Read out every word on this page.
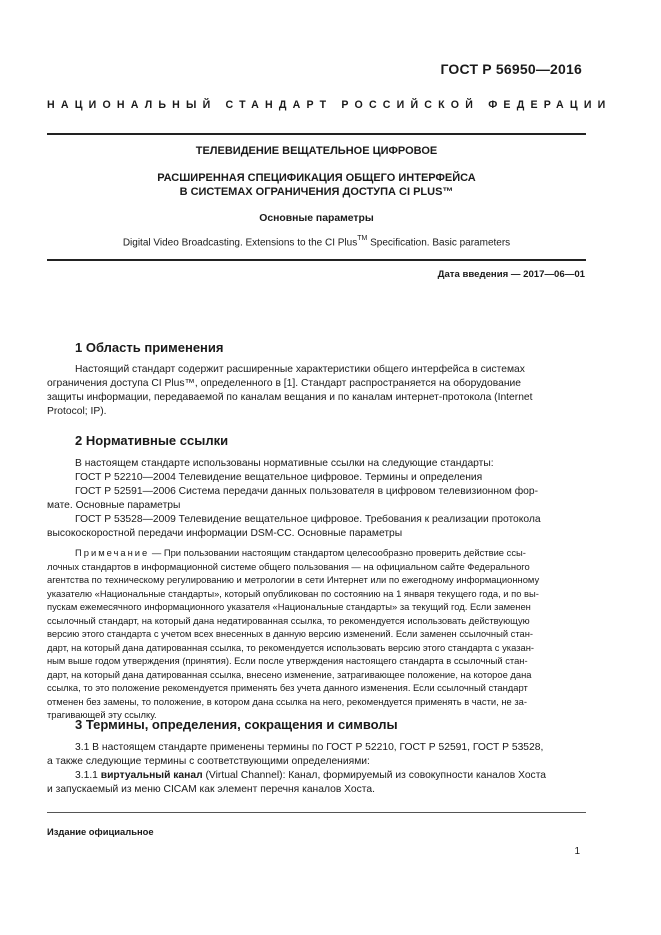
ГОСТ Р 56950—2016
НАЦИОНАЛЬНЫЙ СТАНДАРТ РОССИЙСКОЙ ФЕДЕРАЦИИ
ТЕЛЕВИДЕНИЕ ВЕЩАТЕЛЬНОЕ ЦИФРОВОЕ
РАСШИРЕННАЯ СПЕЦИФИКАЦИЯ ОБЩЕГО ИНТЕРФЕЙСА
В СИСТЕМАХ ОГРАНИЧЕНИЯ ДОСТУПА CI PLUS™
Основные параметры
Digital Video Broadcasting. Extensions to the CI Plus™ Specification. Basic parameters
Дата введения — 2017—06—01
1 Область применения
Настоящий стандарт содержит расширенные характеристики общего интерфейса в системах
ограничения доступа CI Plus™, определенного в [1]. Стандарт распространяется на оборудование
защиты информации, передаваемой по каналам вещания и по каналам интернет-протокола (Internet
Protocol; IP).
2 Нормативные ссылки
В настоящем стандарте использованы нормативные ссылки на следующие стандарты:
ГОСТ Р 52210—2004 Телевидение вещательное цифровое. Термины и определения
ГОСТ Р 52591—2006 Система передачи данных пользователя в цифровом телевизионном фор-
мате. Основные параметры
ГОСТ Р 53528—2009 Телевидение вещательное цифровое. Требования к реализации протокола
высокоскоростной передачи информации DSM-CC. Основные параметры
Примечание — При пользовании настоящим стандартом целесообразно проверить действие ссы-
лочных стандартов в информационной системе общего пользования — на официальном сайте Федерального
агентства по техническому регулированию и метрологии в сети Интернет или по ежегодному информационному
указателю «Национальные стандарты», который опубликован по состоянию на 1 января текущего года, и по вы-
пускам ежемесячного информационного указателя «Национальные стандарты» за текущий год. Если заменен
ссылочный стандарт, на который дана недатированная ссылка, то рекомендуется использовать действующую
версию этого стандарта с учетом всех внесенных в данную версию изменений. Если заменен ссылочный стан-
дарт, на который дана датированная ссылка, то рекомендуется использовать версию этого стандарта с указан-
ным выше годом утверждения (принятия). Если после утверждения настоящего стандарта в ссылочный стан-
дарт, на который дана датированная ссылка, внесено изменение, затрагивающее положение, на которое дана
ссылка, то это положение рекомендуется применять без учета данного изменения. Если ссылочный стандарт
отменен без замены, то положение, в котором дана ссылка на него, рекомендуется применять в части, не за-
трагивающей эту ссылку.
3 Термины, определения, сокращения и символы
3.1 В настоящем стандарте применены термины по ГОСТ Р 52210, ГОСТ Р 52591, ГОСТ Р 53528,
а также следующие термины с соответствующими определениями:
3.1.1 виртуальный канал (Virtual Channel): Канал, формируемый из совокупности каналов Хоста
и запускаемый из меню CICAM как элемент перечня каналов Хоста.
Издание официальное
1
